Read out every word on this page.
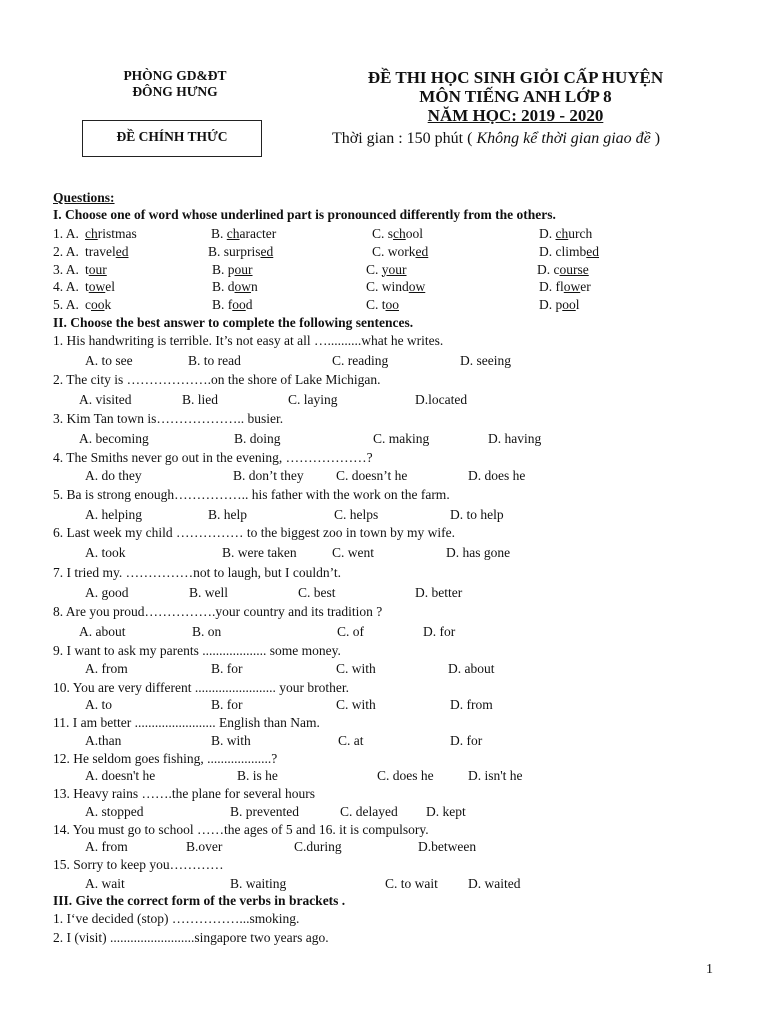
PHÒNG GD&ĐT
ĐÔNG HƯNG
ĐỀ CHÍNH THỨC
ĐỀ THI HỌC SINH GIỎI CẤP HUYỆN
MÔN TIẾNG ANH LỚP 8
NĂM HỌC: 2019 - 2020
Thời gian : 150 phút ( Không kể thời gian giao đề )
Questions:
I. Choose one of word whose underlined part is pronounced differently from the others.
1. A. christmas	B. character	C. school	D. church
2. A. traveled	B. surprised	C. worked	D. climbed
3. A. tour	B. pour	C. your	D. course
4. A. towel	B. down	C. window	D. flower
5. A. cook	B. food	C. too	D. pool
II. Choose the best answer to complete the following sentences.
1. His handwriting is terrible. It’s not easy at all …..........what he writes.
A. to see	B. to read	C. reading	D. seeing
2. The city is ……………….on the shore of Lake Michigan.
A. visited	B. lied	C. laying	D.located
3. Kim Tan town is……………….. busier.
A. becoming	B. doing	C. making	D. having
4. The Smiths never go out in the evening, ………………?
A. do they	B. don’t they C. doesn’t he	D. does he
5. Ba is strong enough…………….. his father with the work on the farm.
A. helping	B. help	C. helps	D. to help
6. Last week my child …………… to the biggest zoo in town by my wife.
A. took	B. were taken	C. went	D. has gone
7. I tried my. ……………not to laugh, but I couldn’t.
A. good	B. well	C. best	D. better
8. Are you proud…………….your country and its tradition ?
A. about	B. on	C. of	D. for
9. I want to ask my parents ................... some money.
A. from	B. for	C. with	D. about
10. You are very different ........................ your brother.
A. to	B. for	C. with	D. from
11. I am better ........................ English than Nam.
A.than	B. with	C. at	D. for
12. He seldom goes fishing, ...................?
A. doesn't he	B. is he	C. does he	D. isn't he
13. Heavy rains …….the plane for several hours
A. stopped	B. prevented	C. delayed D. kept
14. You must go to school ……the ages of 5 and 16. it is compulsory.
A. from	B.over	C.during	D.between
15. Sorry to keep you…………
A. wait	B. waiting	C. to wait D. waited
III. Give the correct form of the verbs in brackets .
1. I‘ve decided (stop) ……………...smoking.
2. I (visit) .........................singapore two years ago.
1
